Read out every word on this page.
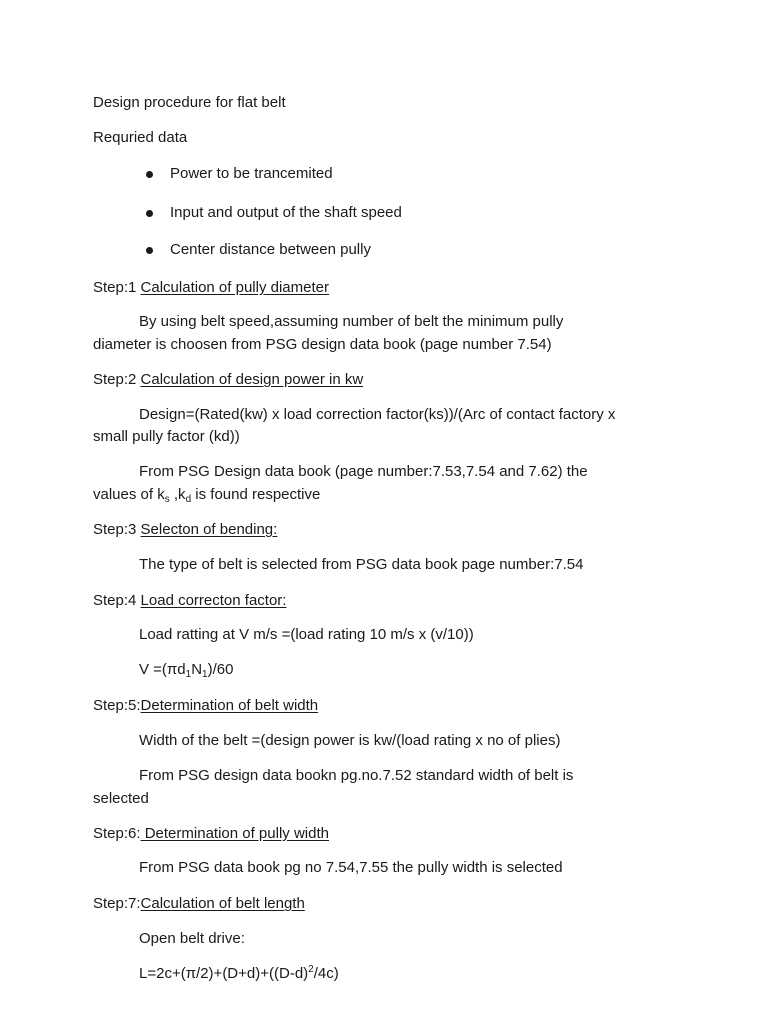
Design procedure for flat belt
Requried data
Power to be trancemited
Input and output of the shaft speed
Center distance between pully
Step:1 Calculation of pully diameter
By using belt speed,assuming number of belt the minimum pully
diameter is choosen from PSG design data book (page number 7.54)
Step:2 Calculation of design power in kw
Design=(Rated(kw) x load correction factor(ks))/(Arc of contact factory x
small pully factor (kd))
From PSG Design data book (page number:7.53,7.54 and 7.62) the
values of $k_s$ $,k_d$ is found respective
Step:3 Selecton of bending:
The type of belt is selected from PSG data book page number:7.54
Step:4 Load correcton factor:
Load ratting at V m/s =(load rating 10 m/s x (v/10))
$V =(\pi d_1N_1)/60$
Step:5:Determination of belt width
Width of the belt =(design power is kw/(load rating x no of plies)
From PSG design data bookn pg.no.7.52 standard width of belt is
selected
Step:6: Determination of pully width
From PSG data book pg no 7.54,7.55 the pully width is selected
Step:7:Calculation of belt length
Open belt drive:
$L=2c+(\pi/2)+(D+d)+((D-d)^2/4c)$
